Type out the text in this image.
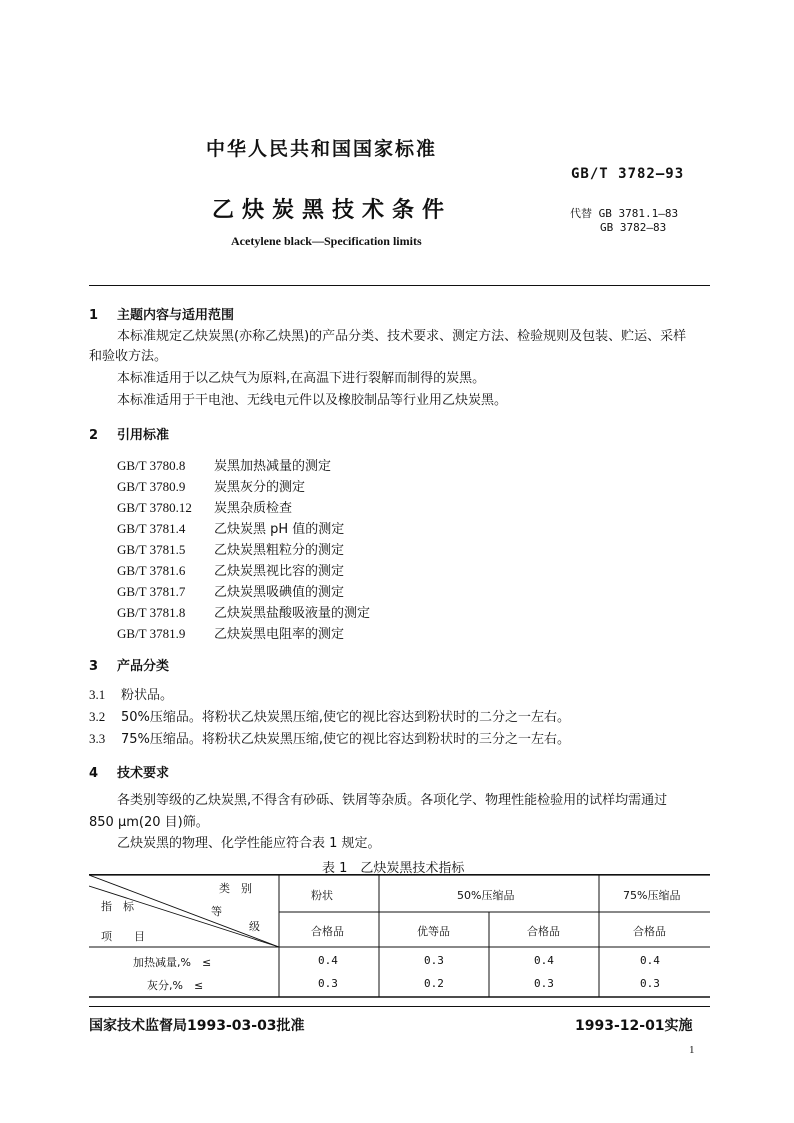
中华人民共和国国家标准
GB/T 3782—93
乙炔炭黑技术条件	代替 GB 3781.1—83
GB 3782—83
Acetylene black—Specification limits
1 主题内容与适用范围
本标准规定乙炔炭黑(亦称乙炔黑)的产品分类、技术要求、测定方法、检验规则及包装、贮运、采样
和验收方法。
本标准适用于以乙炔气为原料,在高温下进行裂解而制得的炭黑。
本标准适用于干电池、无线电元件以及橡胶制品等行业用乙炔炭黑。
2 引用标准
GB/T 3780.8 炭黑加热减量的测定
GB/T 3780.9 炭黑灰分的测定
GB/T 3780.12 炭黑杂质检查
GB/T 3781.4 乙炔炭黑 pH 值的测定
GB/T 3781.5 乙炔炭黑粗粒分的测定
GB/T 3781.6 乙炔炭黑视比容的测定
GB/T 3781.7 乙炔炭黑吸碘值的测定
GB/T 3781.8 乙炔炭黑盐酸吸液量的测定
GB/T 3781.9 乙炔炭黑电阻率的测定
3 产品分类
3.1 粉状品。
3.2 50%压缩品。将粉状乙炔炭黑压缩,使它的视比容达到粉状时的二分之一左右。
3.3 75%压缩品。将粉状乙炔炭黑压缩,使它的视比容达到粉状时的三分之一左右。
4 技术要求
各类别等级的乙炔炭黑,不得含有砂砾、铁屑等杂质。各项化学、物理性能检验用的试样均需通过
850 μm(20 目)筛。
乙炔炭黑的物理、化学性能应符合表 1 规定。
表 1　乙炔炭黑技术指标
类　别
等
级
指　标
项　　目
粉状	50%压缩品	75%压缩品
合格品	优等品	合格品	合格品
加热减量,%　≤	0.4	0.3	0.4	0.4
灰分,%　≤	0.3	0.2	0.3	0.3
国家技术监督局1993-03-03批准	1993-12-01实施
1
